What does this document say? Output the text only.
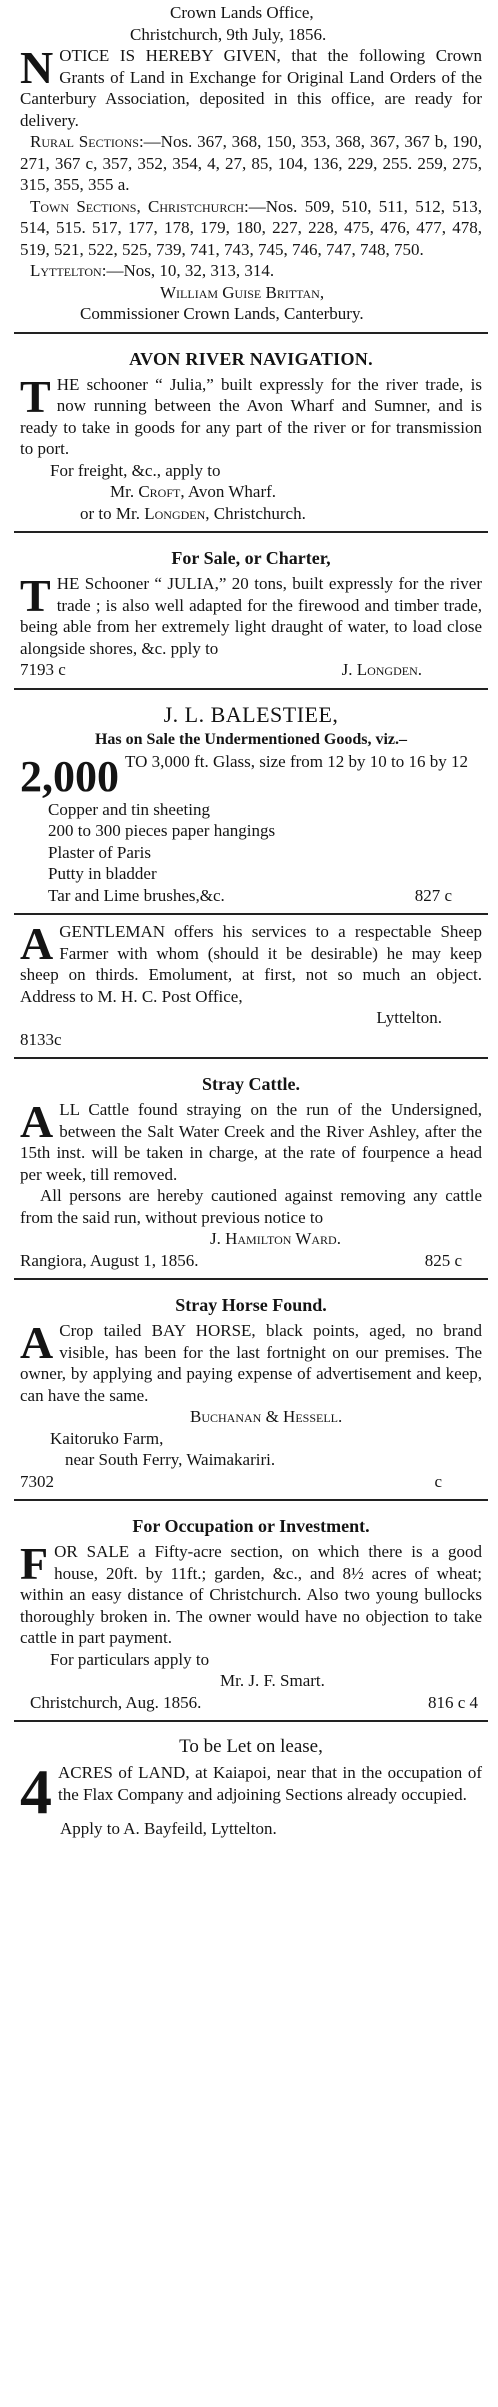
Crown Lands Office,
Christchurch, 9th July, 1856.
NOTICE IS HEREBY GIVEN, that the following Crown Grants of Land in Exchange for Original Land Orders of the Canterbury Association, deposited in this office, are ready for delivery.
Rural Sections:—Nos. 367, 368, 150, 353, 368, 367, 367 b, 190, 271, 367 c, 357, 352, 354, 4, 27, 85, 104, 136, 229, 255. 259, 275, 315, 355, 355 a.
Town Sections, Christchurch:—Nos. 509, 510, 511, 512, 513, 514, 515. 517, 177, 178, 179, 180, 227, 228, 475, 476, 477, 478, 519, 521, 522, 525, 739, 741, 743, 745, 746, 747, 748, 750.
Lyttelton:—Nos, 10, 32, 313, 314.
William Guise Brittan,
Commissioner Crown Lands, Canterbury.
AVON RIVER NAVIGATION.
THE schooner “ Julia,” built expressly for the river trade, is now running between the Avon Wharf and Sumner, and is ready to take in goods for any part of the river or for transmission to port.
For freight, &c., apply to
Mr. Croft, Avon Wharf.
or to Mr. Longden, Christchurch.
For Sale, or Charter,
THE Schooner “ JULIA,” 20 tons, built expressly for the river trade ; is also well adapted for the firewood and timber trade, being able from her extremely light draught of water, to load close alongside shores, &c. pply to
7193 c	J. Longden.
J. L. BALESTIEE,
Has on Sale the Undermentioned Goods, viz.–
2,000 TO 3,000 ft. Glass, size from 12 by 10 to 16 by 12
Copper and tin sheeting
200 to 300 pieces paper hangings
Plaster of Paris
Putty in bladder
Tar and Lime brushes,&c.	827 c
AGENTLEMAN offers his services to a respectable Sheep Farmer with whom (should it be desirable) he may keep sheep on thirds. Emolument, at first, not so much an object. Address to M. H. C. Post Office,
Lyttelton.
8133c
Stray Cattle.
ALL Cattle found straying on the run of the Undersigned, between the Salt Water Creek and the River Ashley, after the 15th inst. will be taken in charge, at the rate of fourpence a head per week, till removed.
All persons are hereby cautioned against removing any cattle from the said run, without previous notice to
J. Hamilton Ward.
Rangiora, August 1, 1856.	825 c
Stray Horse Found.
A Crop tailed BAY HORSE, black points, aged, no brand visible, has been for the last fortnight on our premises. The owner, by applying and paying expense of advertisement and keep, can have the same.
Buchanan & Hessell.
Kaitoruko Farm,
near South Ferry, Waimakariri.
7302	c
For Occupation or Investment.
FOR SALE a Fifty-acre section, on which there is a good house, 20ft. by 11ft.; garden, &c., and 8½ acres of wheat; within an easy distance of Christchurch. Also two young bullocks thoroughly broken in. The owner would have no objection to take cattle in part payment.
For particulars apply to
Mr. J. F. Smart.
Christchurch, Aug. 1856.	816 c 4
To be Let on lease,
4 ACRES of LAND, at Kaiapoi, near that in the occupation of the Flax Company and adjoining Sections already occupied.
Apply to A. Bayfeild, Lyttelton.
